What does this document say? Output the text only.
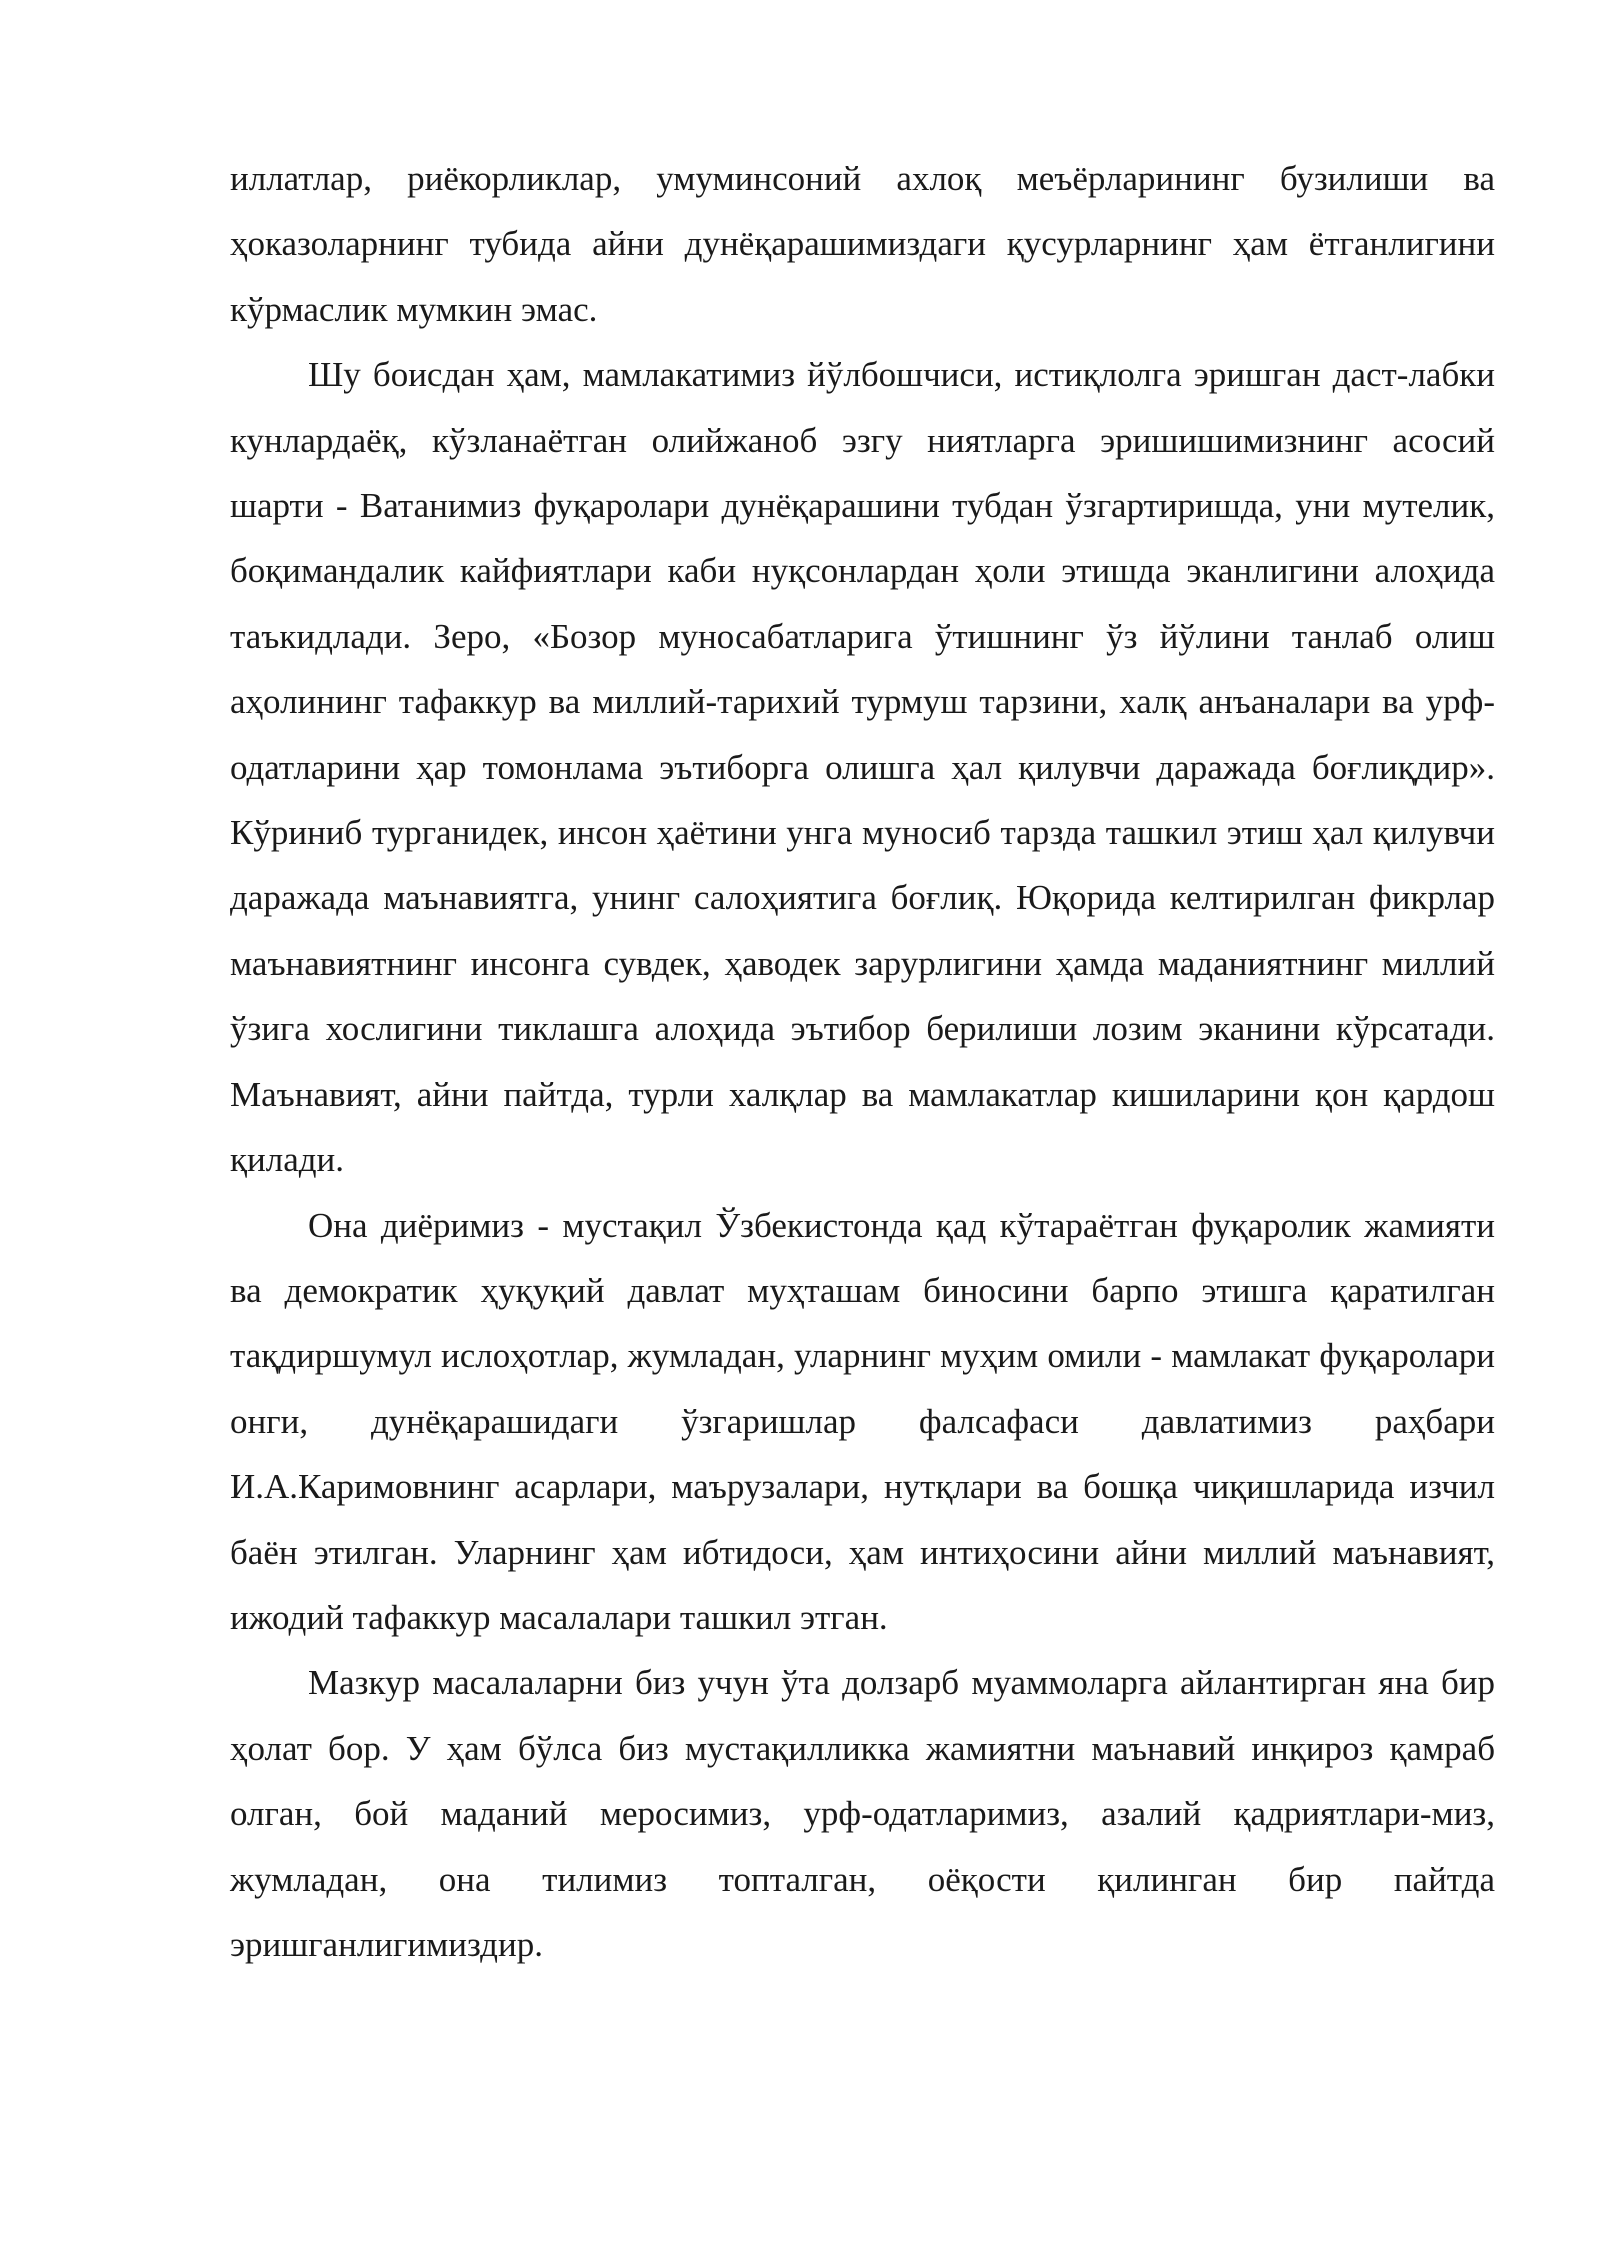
иллатлар, риёкорликлар, умуминсоний ахлоқ меъёрларининг бузилиши ва ҳоказоларнинг тубида айни дунёқарашимиздаги қусурларнинг ҳам ётганлигини кўрмаслик мумкин эмас.

Шу боисдан ҳам, мамлакатимиз йўлбошчиси, истиқлолга эришган даст-лабки кунлардаёқ, кўзланаётган олийжаноб эзгу ниятларга эришишимизнинг асосий шарти - Ватанимиз фуқаролари дунёқарашини тубдан ўзгартиришда, уни мутелик, боқимандалик кайфиятлари каби нуқсонлардан ҳоли этишда эканлигини алоҳида таъкидлади. Зеро, «Бозор муносабатларига ўтишнинг ўз йўлини танлаб олиш аҳолининг тафаккур ва миллий-тарихий турмуш тарзини, халқ анъаналари ва урф-одатларини ҳар томонлама эътиборга олишга ҳал қилувчи даражада боғлиқдир». Кўриниб турганидек, инсон ҳаётини унга муносиб тарзда ташкил этиш ҳал қилувчи даражада маънавиятга, унинг салоҳиятига боғлиқ. Юқорида келтирилган фикрлар маънавиятнинг инсонга сувдек, ҳаводек зарурлигини ҳамда маданиятнинг миллий ўзига хослигини тиклашга алоҳида эътибор берилиши лозим эканини кўрсатади. Маънавият, айни пайтда, турли халқлар ва мамлакатлар кишиларини қон қардош қилади.

Она диёримиз - мустақил Ўзбекистонда қад кўтараётган фуқаролик жамияти ва демократик ҳуқуқий давлат муҳташам биносини барпо этишга қаратилган тақдиршумул ислоҳотлар, жумладан, уларнинг муҳим омили - мамлакат фуқаролари онги, дунёқарашидаги ўзгаришлар фалсафаси давлатимиз раҳбари И.А.Каримовнинг асарлари, маърузалари, нутқлари ва бошқа чиқишларида изчил баён этилган. Уларнинг ҳам ибтидоси, ҳам интиҳосини айни миллий маънавият, ижодий тафаккур масалалари ташкил этган.

Мазкур масалаларни биз учун ўта долзарб муаммоларга айлантирган яна бир ҳолат бор. У ҳам бўлса биз мустақилликка жамиятни маънавий инқироз қамраб олган, бой маданий меросимиз, урф-одатларимиз, азалий қадриятлари-миз, жумладан, она тилимиз топталган, оёқости қилинган бир пайтда эришганлигимиздир.
